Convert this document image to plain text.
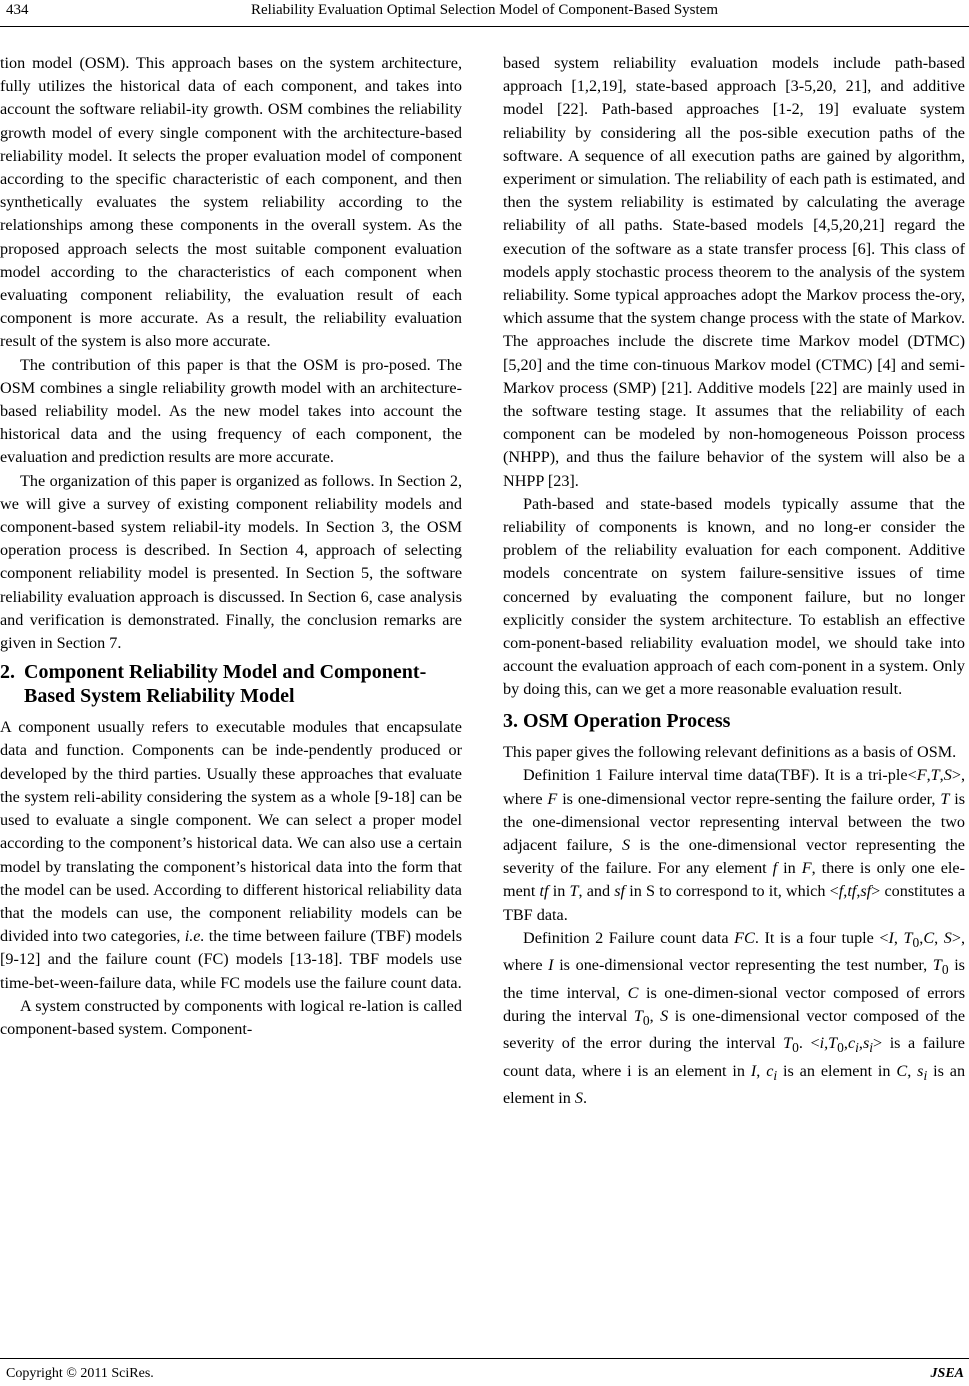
434	Reliability Evaluation Optimal Selection Model of Component-Based System

tion model (OSM). This approach bases on the system architecture, fully utilizes the historical data of each component, and takes into account the software reliabil-ity growth. OSM combines the reliability growth model of every single component with the architecture-based reliability model. It selects the proper evaluation model of component according to the specific characteristic of each component, and then synthetically evaluates the system reliability according to the relationships among these components in the overall system. As the proposed approach selects the most suitable component evaluation model according to the characteristics of each component when evaluating component reliability, the evaluation result of each component is more accurate. As a result, the reliability evaluation result of the system is also more accurate.

The contribution of this paper is that the OSM is pro-posed. The OSM combines a single reliability growth model with an architecture-based reliability model. As the new model takes into account the historical data and the using frequency of each component, the evaluation and prediction results are more accurate.

The organization of this paper is organized as follows. In Section 2, we will give a survey of existing component reliability models and component-based system reliabil-ity models. In Section 3, the OSM operation process is described. In Section 4, approach of selecting component reliability model is presented. In Section 5, the software reliability evaluation approach is discussed. In Section 6, case analysis and verification is demonstrated. Finally, the conclusion remarks are given in Section 7.

2. Component Reliability Model and Component-Based System Reliability Model

A component usually refers to executable modules that encapsulate data and function. Components can be inde-pendently produced or developed by the third parties. Usually these approaches that evaluate the system reli-ability considering the system as a whole [9-18] can be used to evaluate a single component. We can select a proper model according to the component’s historical data. We can also use a certain model by translating the component’s historical data into the form that the model can be used. According to different historical reliability data that the models can use, the component reliability models can be divided into two categories, i.e. the time between failure (TBF) models [9-12] and the failure count (FC) models [13-18]. TBF models use time-bet-ween-failure data, while FC models use the failure count data.

A system constructed by components with logical re-lation is called component-based system. Component-

based system reliability evaluation models include path-based approach [1,2,19], state-based approach [3-5,20, 21], and additive model [22]. Path-based approaches [1-2, 19] evaluate system reliability by considering all the pos-sible execution paths of the software. A sequence of all execution paths are gained by algorithm, experiment or simulation. The reliability of each path is estimated, and then the system reliability is estimated by calculating the average reliability of all paths. State-based models [4,5,20,21] regard the execution of the software as a state transfer process [6]. This class of models apply stochastic process theorem to the analysis of the system reliability. Some typical approaches adopt the Markov process the-ory, which assume that the system change process with the state of Markov. The approaches include the discrete time Markov model (DTMC) [5,20] and the time con-tinuous Markov model (CTMC) [4] and semi-Markov process (SMP) [21]. Additive models [22] are mainly used in the software testing stage. It assumes that the reliability of each component can be modeled by non-homogeneous Poisson process (NHPP), and thus the failure behavior of the system will also be a NHPP [23].

Path-based and state-based models typically assume that the reliability of components is known, and no long-er consider the problem of the reliability evaluation for each component. Additive models concentrate on system failure-sensitive issues of time concerned by evaluating the component failure, but no longer explicitly consider the system architecture. To establish an effective com-ponent-based reliability evaluation model, we should take into account the evaluation approach of each com-ponent in a system. Only by doing this, can we get a more reasonable evaluation result.

3. OSM Operation Process

This paper gives the following relevant definitions as a basis of OSM.

Definition 1 Failure interval time data(TBF). It is a tri-ple<F,T,S>, where F is one-dimensional vector repre-senting the failure order, T is the one-dimensional vector representing interval between the two adjacent failure, S is the one-dimensional vector representing the severity of the failure. For any element f in F, there is only one ele-ment tf in T, and sf in S to correspond to it, which <f,tf,sf> constitutes a TBF data.

Definition 2 Failure count data FC. It is a four tuple <I, $T_0,C$, S>, where I is one-dimensional vector representing the test number, $T_0$ is the time interval, C is one-dimen-sional vector composed of errors during the interval $T_0$, S is one-dimensional vector composed of the severity of the error during the interval $T_0$. $<i,T_0,c_i,s_i>$ is a failure count data, where i is an element in I, $c_i$ is an element in C, $s_i$ is an element in S.

Copyright © 2011 SciRes.	JSEA
